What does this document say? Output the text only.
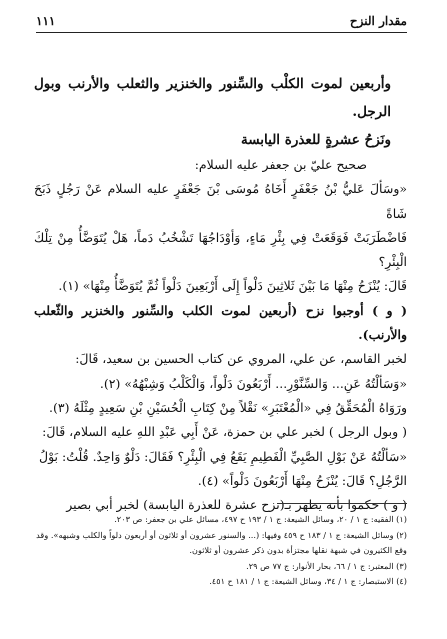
مقدار النزح
١١١
وأربعين لموت الكلْب والسِّنور والخنزير والثعلب والأرنب وبول الرجل.
ونَزحُ عشرةٍ للعذرة اليابسة

صحيح عليّ بن جعفر عليه السلام:

«وسَألَ عَليُّ بْنُ جَعْفَرٍ أَخَاهُ مُوسَى بْنَ جَعْفَرٍ عليه السلام عَنْ رَجُلٍ ذَبَحَ شَاةً

فَاضْطَرَبَتْ فَوَقَعَتْ فِي بِئْرِ مَاءٍ، وَأوْدَاجُهَا تَشْخُبُ دَماً، هَلْ يُتَوَضَّأُ مِنْ تِلْكَ الْبِئْرِ؟

قَالَ: يُنْزَحُ مِنْهَا مَا بَيْنَ ثَلاثِينَ دَلْواً إِلَى أَرْبَعِينَ دَلْواً ثُمَّ يُتَوَضَّأُ مِنْهَا» (١).

( و ) أوجبوا نزح (أربعين لموت الكلب والسِّنور والخنزير والثّعلب والأرنب).

لخبر القاسم، عن علي، المروي عن كتاب الحسين بن سعيد، قَالَ:

«وَسَألْتُهُ عَنِ... وَالسِّنَّوْرِ... أَرْبَعُونَ دَلْواً، وَالْكَلْبُ وَشِبْهُهُ» (٢).

ورَوَاهُ الْمُحَقِّقُ فِي «الْمُعْتَبَرِ» نَقْلاً مِنْ كِتَابِ الْحُسَيْنِ بْنِ سَعِيدٍ مِثْلَهُ (٣).

( وبول الرجل ) لخبر علي بن حمزة، عَنْ أَبِي عَبْدِ اللهِ عليه السلام، قَالَ:

«سَألْتُهُ عَنْ بَوْلِ الصَّبِيِّ الْفَطِيمِ يَقَعُ فِي الْبِئْرِ؟ فَقَالَ: دَلْوٌ وَاحِدٌ. قُلْتُ: بَوْلُ

الرَّجُلِ؟ قَالَ: يُنْزَحُ مِنْهَا أَرْبَعُونَ دَلْواً» (٤).

( و ) حكموا بأنه يطهر بـ(نزح عشرة للعذرة اليابسة) لخبر أبي بصير

(١) الفقيه: ج ١ / ٢٠، وسائل الشيعة: ج ١ / ١٩٣ ح ٤٩٧، مسائل علي بن جعفر: ص ٢٠٣.

(٢) وسائل الشيعة: ج ١ / ١٨٣ ح ٤٥٩ وفيها: (... والسنور عشرون أو ثلاثون أو أربعون دلواً والكلب وشبهه». وقد

وقع الكثيرون في شبهة نقلها مجتزأة بدون ذكر عشرون أو ثلاثون.

(٣) المعتبر: ج ١ / ٦٦، بحار الأنوار: ج ٧٧ ص ٢٩.

(٤) الاستبصار: ج ١ / ٣٤، وسائل الشيعة: ج ١ / ١٨١ ح ٤٥١.
